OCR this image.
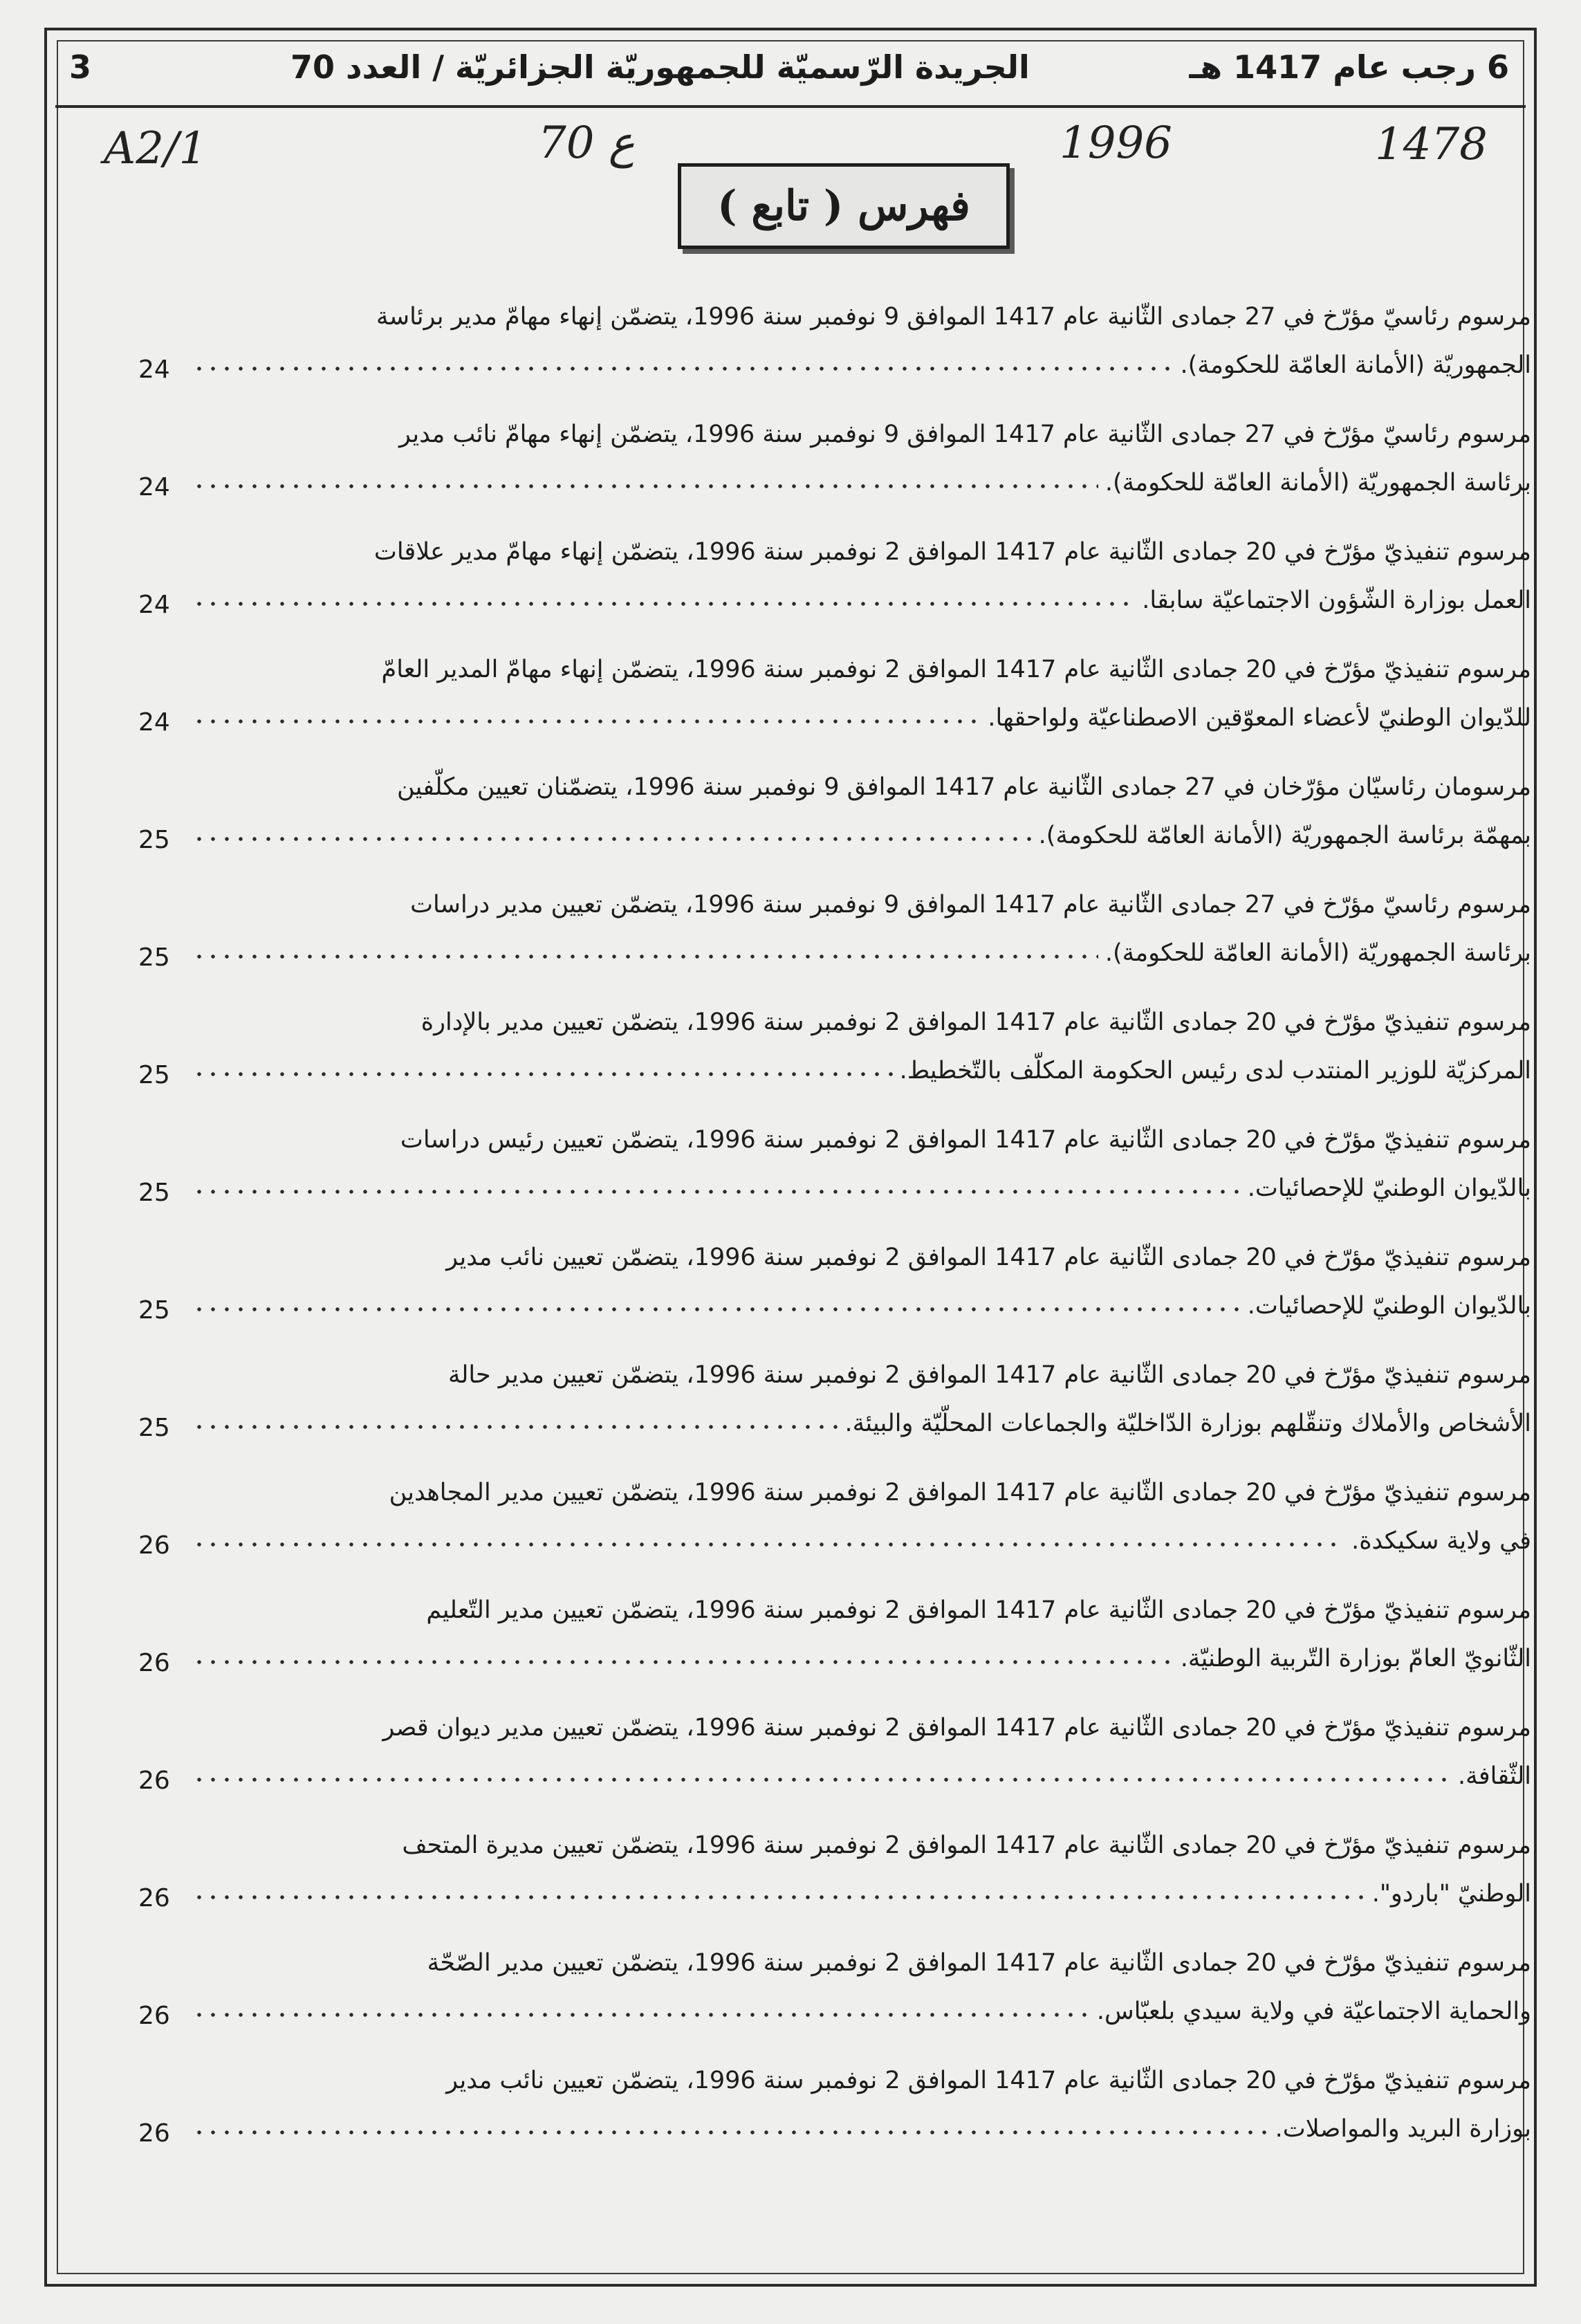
6 رجب عام 1417 هـ
الجريدة الرّسميّة للجمهوريّة الجزائريّة / العدد 70
3
A2/1	70 ع	1996	1478
فهرس ( تابع )
مرسوم رئاسيّ مؤرّخ في 27 جمادى الثّانية عام 1417 الموافق 9 نوفمبر سنة 1996، يتضمّن إنهاء مهامّ مدير برئاسة
الجمهوريّة (الأمانة العامّة للحكومة).
24
مرسوم رئاسيّ مؤرّخ في 27 جمادى الثّانية عام 1417 الموافق 9 نوفمبر سنة 1996، يتضمّن إنهاء مهامّ نائب مدير
برئاسة الجمهوريّة (الأمانة العامّة للحكومة).
24
مرسوم تنفيذيّ مؤرّخ في 20 جمادى الثّانية عام 1417 الموافق 2 نوفمبر سنة 1996، يتضمّن إنهاء مهامّ مدير علاقات
العمل بوزارة الشّؤون الاجتماعيّة سابقا.
24
مرسوم تنفيذيّ مؤرّخ في 20 جمادى الثّانية عام 1417 الموافق 2 نوفمبر سنة 1996، يتضمّن إنهاء مهامّ المدير العامّ
للدّيوان الوطنيّ لأعضاء المعوّقين الاصطناعيّة ولواحقها.
24
مرسومان رئاسيّان مؤرّخان في 27 جمادى الثّانية عام 1417 الموافق 9 نوفمبر سنة 1996، يتضمّنان تعيين مكلّفين
بمهمّة برئاسة الجمهوريّة (الأمانة العامّة للحكومة).
25
مرسوم رئاسيّ مؤرّخ في 27 جمادى الثّانية عام 1417 الموافق 9 نوفمبر سنة 1996، يتضمّن تعيين مدير دراسات
برئاسة الجمهوريّة (الأمانة العامّة للحكومة).
25
مرسوم تنفيذيّ مؤرّخ في 20 جمادى الثّانية عام 1417 الموافق 2 نوفمبر سنة 1996، يتضمّن تعيين مدير بالإدارة
المركزيّة للوزير المنتدب لدى رئيس الحكومة المكلّف بالتّخطيط.
25
مرسوم تنفيذيّ مؤرّخ في 20 جمادى الثّانية عام 1417 الموافق 2 نوفمبر سنة 1996، يتضمّن تعيين رئيس دراسات
بالدّيوان الوطنيّ للإحصائيات.
25
مرسوم تنفيذيّ مؤرّخ في 20 جمادى الثّانية عام 1417 الموافق 2 نوفمبر سنة 1996، يتضمّن تعيين نائب مدير
بالدّيوان الوطنيّ للإحصائيات.
25
مرسوم تنفيذيّ مؤرّخ في 20 جمادى الثّانية عام 1417 الموافق 2 نوفمبر سنة 1996، يتضمّن تعيين مدير حالة
الأشخاص والأملاك وتنقّلهم بوزارة الدّاخليّة والجماعات المحلّيّة والبيئة.
25
مرسوم تنفيذيّ مؤرّخ في 20 جمادى الثّانية عام 1417 الموافق 2 نوفمبر سنة 1996، يتضمّن تعيين مدير المجاهدين
في ولاية سكيكدة.
26
مرسوم تنفيذيّ مؤرّخ في 20 جمادى الثّانية عام 1417 الموافق 2 نوفمبر سنة 1996، يتضمّن تعيين مدير التّعليم
الثّانويّ العامّ بوزارة التّربية الوطنيّة.
26
مرسوم تنفيذيّ مؤرّخ في 20 جمادى الثّانية عام 1417 الموافق 2 نوفمبر سنة 1996، يتضمّن تعيين مدير ديوان قصر
الثّقافة.
26
مرسوم تنفيذيّ مؤرّخ في 20 جمادى الثّانية عام 1417 الموافق 2 نوفمبر سنة 1996، يتضمّن تعيين مديرة المتحف
الوطنيّ "باردو".
26
مرسوم تنفيذيّ مؤرّخ في 20 جمادى الثّانية عام 1417 الموافق 2 نوفمبر سنة 1996، يتضمّن تعيين مدير الصّحّة
والحماية الاجتماعيّة في ولاية سيدي بلعبّاس.
26
مرسوم تنفيذيّ مؤرّخ في 20 جمادى الثّانية عام 1417 الموافق 2 نوفمبر سنة 1996، يتضمّن تعيين نائب مدير
بوزارة البريد والمواصلات.
26
